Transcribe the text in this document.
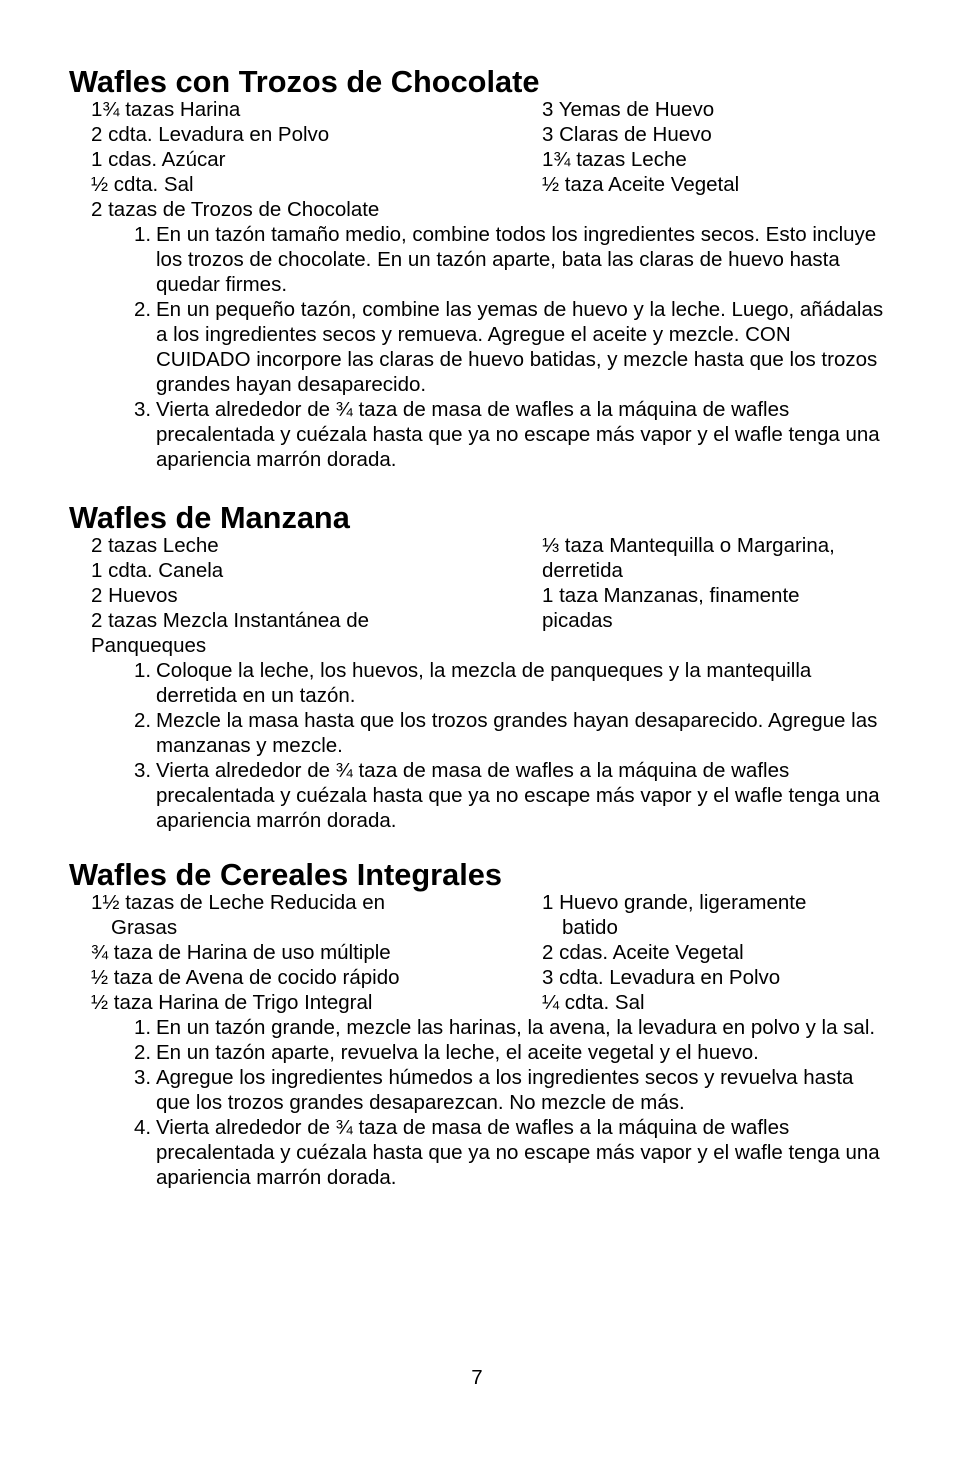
Wafles con Trozos de Chocolate
1¾ tazas Harina
2 cdta. Levadura en Polvo
1 cdas. Azúcar
½ cdta. Sal
3 Yemas de Huevo
3 Claras de Huevo
1¾ tazas Leche
½ taza Aceite Vegetal
2 tazas de Trozos de Chocolate
1. En un tazón tamaño medio, combine todos los ingredientes secos. Esto incluye los trozos de chocolate. En un tazón aparte, bata las claras de huevo hasta quedar firmes.
2. En un pequeño tazón, combine las yemas de huevo y la leche. Luego, añádalas a los ingredientes secos y remueva. Agregue el aceite y mezcle. CON CUIDADO incorpore las claras de huevo batidas, y mezcle hasta que los trozos grandes hayan desaparecido.
3. Vierta alrededor de ¾ taza de masa de wafles a la máquina de wafles precalentada y cuézala hasta que ya no escape más vapor y el wafle tenga una apariencia marrón dorada.
Wafles de Manzana
2 tazas Leche
1 cdta. Canela
2 Huevos
2 tazas Mezcla Instantánea de
Panqueques
⅓ taza Mantequilla o Margarina,
derretida
1 taza Manzanas, finamente
picadas
1. Coloque la leche, los huevos, la mezcla de panqueques y la mantequilla derretida en un tazón.
2. Mezcle la masa hasta que los trozos grandes hayan desaparecido. Agregue las manzanas y mezcle.
3. Vierta alrededor de ¾ taza de masa de wafles a la máquina de wafles precalentada y cuézala hasta que ya no escape más vapor y el wafle tenga una apariencia marrón dorada.
Wafles de Cereales Integrales
1½ tazas de Leche Reducida en
Grasas
¾ taza de Harina de uso múltiple
½ taza de Avena de cocido rápido
½ taza Harina de Trigo Integral
1 Huevo grande, ligeramente
batido
2 cdas. Aceite Vegetal
3 cdta. Levadura en Polvo
¼ cdta. Sal
1. En un tazón grande, mezcle las harinas, la avena, la levadura en polvo y la sal.
2. En un tazón aparte, revuelva la leche, el aceite vegetal y el huevo.
3. Agregue los ingredientes húmedos a los ingredientes secos y revuelva hasta que los trozos grandes desaparezcan. No mezcle de más.
4. Vierta alrededor de ¾ taza de masa de wafles a la máquina de wafles precalentada y cuézala hasta que ya no escape más vapor y el wafle tenga una apariencia marrón dorada.
7
